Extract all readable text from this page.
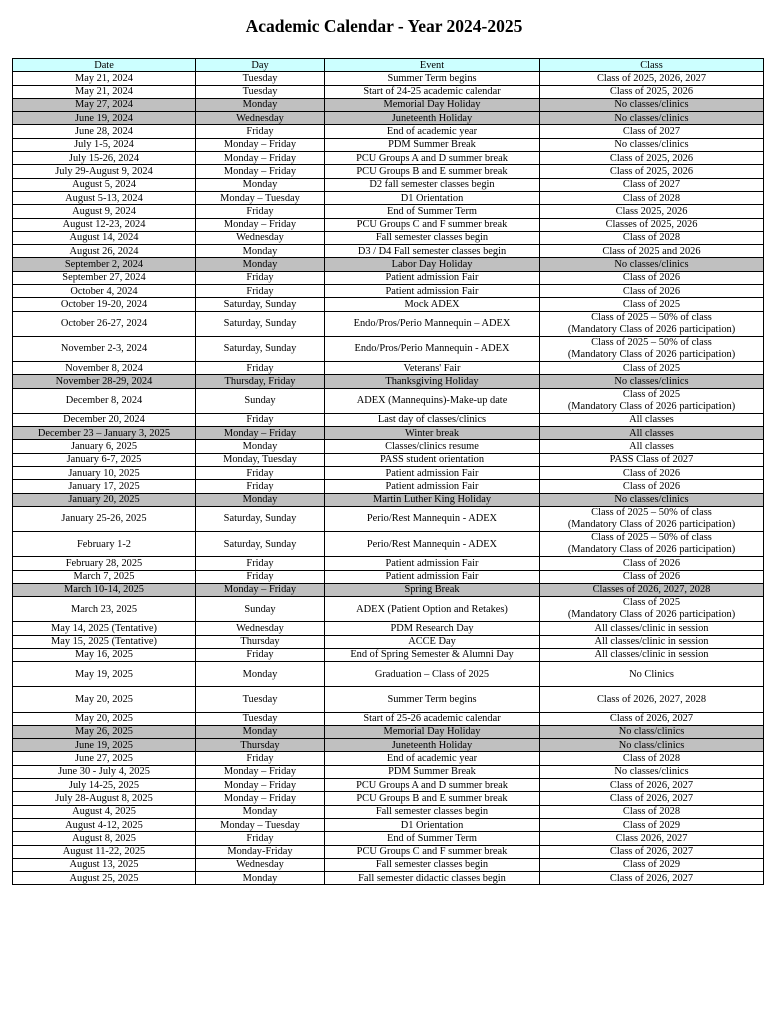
Academic Calendar - Year 2024-2025
Date	Day	Event	Class
May 21, 2024	Tuesday	Summer Term begins	Class of 2025, 2026, 2027

May 21, 2024	Tuesday	Start of 24-25 academic calendar	Class of 2025, 2026

May 27, 2024	Monday	Memorial Day Holiday	No classes/clinics

June 19, 2024	Wednesday	Juneteenth Holiday	No classes/clinics

June 28, 2024	Friday	End of academic year	Class of 2027

July 1-5, 2024	Monday – Friday	PDM Summer Break	No classes/clinics

July 15-26, 2024	Monday – Friday	PCU Groups A and D summer break	Class of 2025, 2026

July 29-August 9, 2024	Monday – Friday	PCU Groups B and E summer break	Class of 2025, 2026

August 5, 2024	Monday	D2 fall semester classes begin	Class of 2027

August 5-13, 2024	Monday – Tuesday	D1 Orientation	Class of 2028

August 9, 2024	Friday	End of Summer Term	Class 2025, 2026

August 12-23, 2024	Monday – Friday	PCU Groups C and F summer break	Classes of 2025, 2026

August 14, 2024	Wednesday	Fall semester classes begin	Class of 2028

August 26, 2024	Monday	D3 / D4 Fall semester classes begin	Class of 2025 and 2026

September 2, 2024	Monday	Labor Day Holiday	No classes/clinics

September 27, 2024	Friday	Patient admission Fair	Class of 2026

October 4, 2024	Friday	Patient admission Fair	Class of 2026

October 19-20, 2024	Saturday, Sunday	Mock ADEX	Class of 2025

October 26-27, 2024	Saturday, Sunday	Endo/Pros/Perio Mannequin – ADEX	Class of 2025 – 50% of class
(Mandatory Class of 2026 participation)

November 2-3, 2024	Saturday, Sunday	Endo/Pros/Perio Mannequin - ADEX	Class of 2025 – 50% of class
(Mandatory Class of 2026 participation)

November 8, 2024	Friday	Veterans' Fair	Class of 2025

November 28-29, 2024	Thursday, Friday	Thanksgiving Holiday	No classes/clinics

December 8, 2024	Sunday	ADEX (Mannequins)-Make-up date	Class of 2025
(Mandatory Class of 2026 participation)

December 20, 2024	Friday	Last day of classes/clinics	All classes

December 23 – January 3, 2025	Monday – Friday	Winter break	All classes

January 6, 2025	Monday	Classes/clinics resume	All classes

January 6-7, 2025	Monday, Tuesday	PASS student orientation	PASS Class of 2027

January 10, 2025	Friday	Patient admission Fair	Class of 2026

January 17, 2025	Friday	Patient admission Fair	Class of 2026

January 20, 2025	Monday	Martin Luther King Holiday	No classes/clinics

January 25-26, 2025	Saturday, Sunday	Perio/Rest Mannequin - ADEX	Class of 2025 – 50% of class
(Mandatory Class of 2026 participation)

February 1-2	Saturday, Sunday	Perio/Rest Mannequin - ADEX	Class of 2025 – 50% of class
(Mandatory Class of 2026 participation)

February 28, 2025	Friday	Patient admission Fair	Class of 2026

March 7, 2025	Friday	Patient admission Fair	Class of 2026

March 10-14, 2025	Monday – Friday	Spring Break	Classes of 2026, 2027, 2028

March 23, 2025	Sunday	ADEX (Patient Option and Retakes)	Class of 2025
(Mandatory Class of 2026 participation)

May 14, 2025 (Tentative)	Wednesday	PDM Research Day	All classes/clinic in session

May 15, 2025 (Tentative)	Thursday	ACCE Day	All classes/clinic in session

May 16, 2025	Friday	End of Spring Semester & Alumni Day	All classes/clinic in session

May 19, 2025	Monday	Graduation – Class of 2025	No Clinics

May 20, 2025	Tuesday	Summer Term begins	Class of 2026, 2027, 2028

May 20, 2025	Tuesday	Start of 25-26 academic calendar	Class of 2026, 2027

May 26, 2025	Monday	Memorial Day Holiday	No class/clinics

June 19, 2025	Thursday	Juneteenth Holiday	No class/clinics

June 27, 2025	Friday	End of academic year	Class of 2028

June 30 - July 4, 2025	Monday – Friday	PDM Summer Break	No classes/clinics

July 14-25, 2025	Monday – Friday	PCU Groups A and D summer break	Class of 2026, 2027

July 28-August 8, 2025	Monday – Friday	PCU Groups B and E summer break	Class of 2026, 2027

August 4, 2025	Monday	Fall semester classes begin	Class of 2028

August 4-12, 2025	Monday – Tuesday	D1 Orientation	Class of 2029

August 8, 2025	Friday	End of Summer Term	Class 2026, 2027

August 11-22, 2025	Monday-Friday	PCU Groups C and F summer break	Class of 2026, 2027

August 13, 2025	Wednesday	Fall semester classes begin	Class of 2029

August 25, 2025	Monday	Fall semester didactic classes begin	Class of 2026, 2027
